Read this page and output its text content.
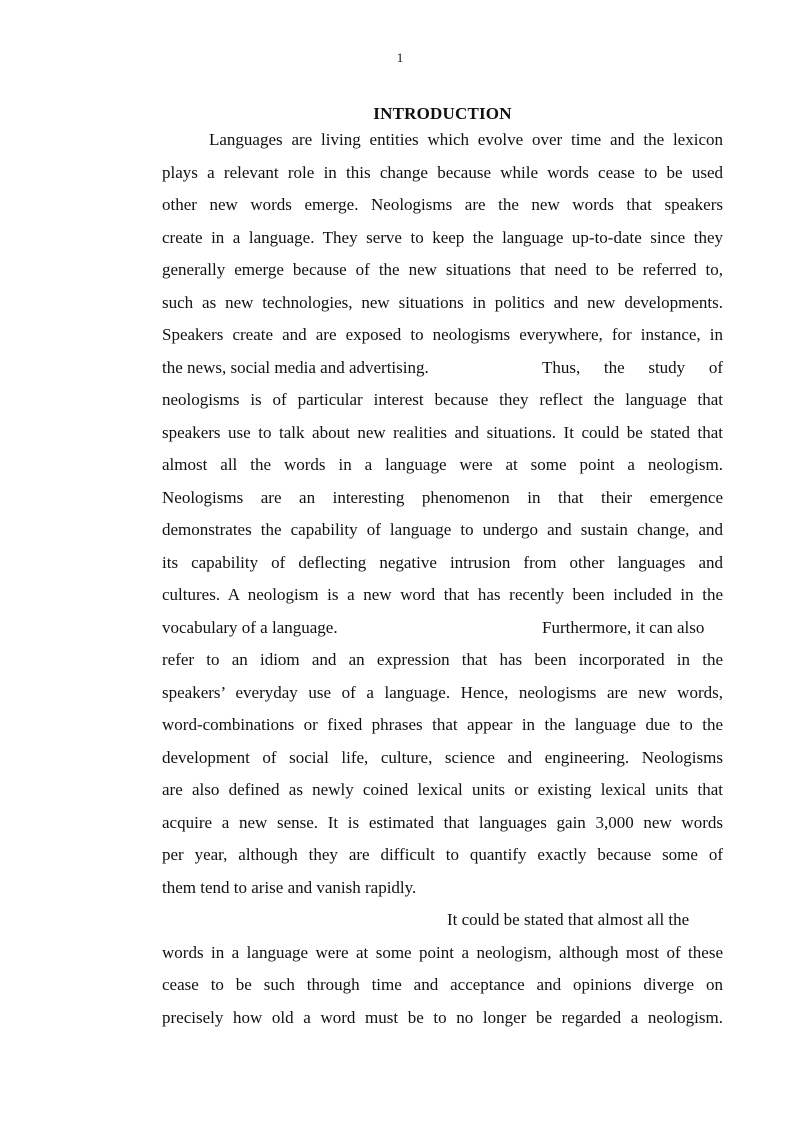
1
INTRODUCTION
Languages are living entities which evolve over time and the lexicon
plays a relevant role in this change because while words cease to be used
other new words emerge. Neologisms are the new words that speakers
create in a language. They serve to keep the language up-to-date since they
generally emerge because of the new situations that need to be referred to,
such as new technologies, new situations in politics and new developments.
Speakers create and are exposed to neologisms everywhere, for instance, in
the news, social media and advertising.	Thus, the study of
neologisms is of particular interest because they reflect the language that
speakers use to talk about new realities and situations. It could be stated that
almost all the words in a language were at some point a neologism.
Neologisms are an interesting phenomenon in that their emergence
demonstrates the capability of language to undergo and sustain change, and
its capability of deflecting negative intrusion from other languages and
cultures. A neologism is a new word that has recently been included in the
vocabulary of a language.	Furthermore, it can also
refer to an idiom and an expression that has been incorporated in the
speakers’ everyday use of a language. Hence, neologisms are new words,
word-combinations or fixed phrases that appear in the language due to the
development of social life, culture, science and engineering. Neologisms
are also defined as newly coined lexical units or existing lexical units that
acquire a new sense. It is estimated that languages gain 3,000 new words
per year, although they are difficult to quantify exactly because some of
them tend to arise and vanish rapidly.
It could be stated that almost all the
words in a language were at some point a neologism, although most of these
cease to be such through time and acceptance and opinions diverge on
precisely how old a word must be to no longer be regarded a neologism.
